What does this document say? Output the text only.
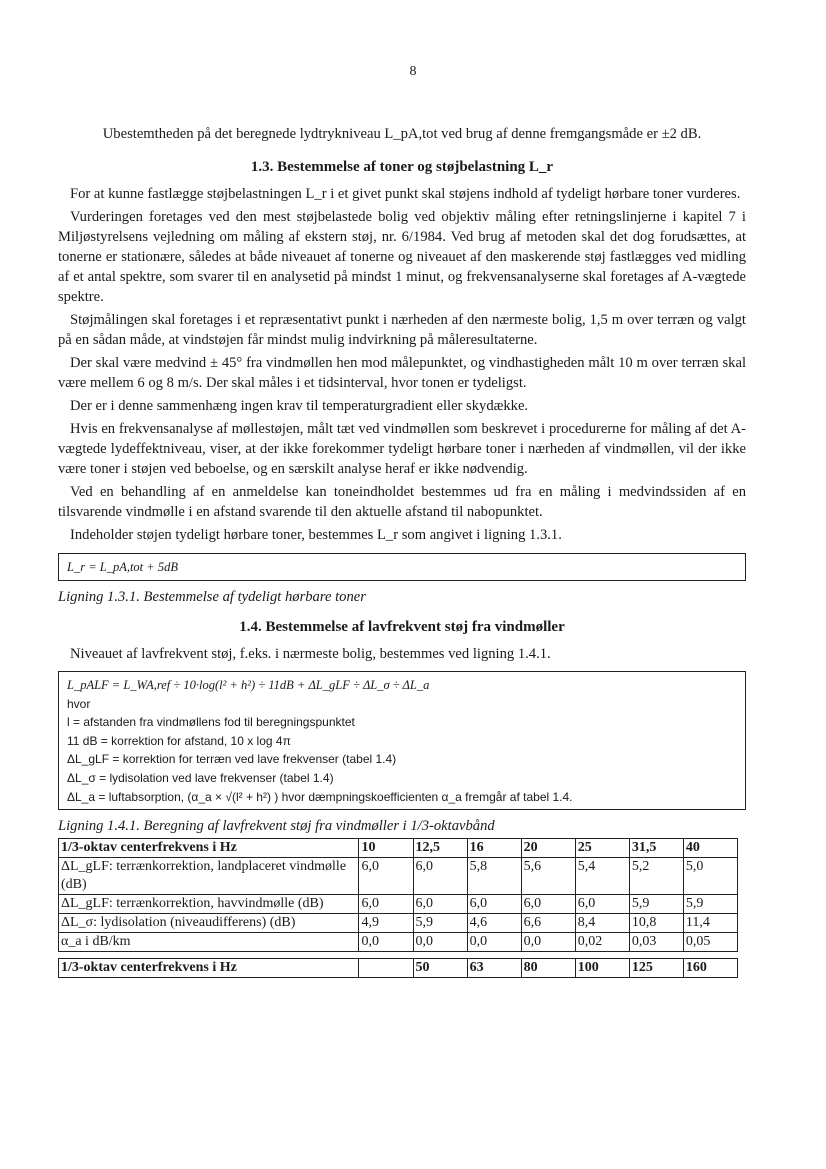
8

Ubestemtheden på det beregnede lydtrykniveau L_pA,tot ved brug af denne fremgangsmåde er ±2 dB.

1.3. Bestemmelse af toner og støjbelastning L_r

For at kunne fastlægge støjbelastningen L_r i et givet punkt skal støjens indhold af tydeligt hørbare toner vurderes.

Vurderingen foretages ved den mest støjbelastede bolig ved objektiv måling efter retningslinjerne i kapitel 7 i Miljøstyrelsens vejledning om måling af ekstern støj, nr. 6/1984. Ved brug af metoden skal det dog forudsættes, at tonerne er stationære, således at både niveauet af tonerne og niveauet af den maskerende støj fastlægges ved midling af et antal spektre, som svarer til en analysetid på mindst 1 minut, og frekvensanalyserne skal foretages af A-vægtede spektre.

Støjmålingen skal foretages i et repræsentativt punkt i nærheden af den nærmeste bolig, 1,5 m over terræn og valgt på en sådan måde, at vindstøjen får mindst mulig indvirkning på måleresultaterne.

Der skal være medvind ± 45° fra vindmøllen hen mod målepunktet, og vindhastigheden målt 10 m over terræn skal være mellem 6 og 8 m/s. Der skal måles i et tidsinterval, hvor tonen er tydeligst.

Der er i denne sammenhæng ingen krav til temperaturgradient eller skydække.

Hvis en frekvensanalyse af møllestøjen, målt tæt ved vindmøllen som beskrevet i procedurerne for måling af det A-vægtede lydeffektniveau, viser, at der ikke forekommer tydeligt hørbare toner i nærheden af vindmøllen, vil der ikke være toner i støjen ved beboelse, og en særskilt analyse heraf er ikke nødvendig.

Ved en behandling af en anmeldelse kan toneindholdet bestemmes ud fra en måling i medvindssiden af en tilsvarende vindmølle i en afstand svarende til den aktuelle afstand til nabopunktet.

Indeholder støjen tydeligt hørbare toner, bestemmes L_r som angivet i ligning 1.3.1.

L_r = L_pA,tot + 5dB

Ligning 1.3.1. Bestemmelse af tydeligt hørbare toner

1.4. Bestemmelse af lavfrekvent støj fra vindmøller

Niveauet af lavfrekvent støj, f.eks. i nærmeste bolig, bestemmes ved ligning 1.4.1.

L_pALF = L_WA,ref ÷ 10·log(l² + h²) ÷ 11dB + ΔL_gLF ÷ ΔL_σ ÷ ΔL_a
hvor
l = afstanden fra vindmøllens fod til beregningspunktet
11 dB = korrektion for afstand, 10 x log 4π
ΔL_gLF = korrektion for terræn ved lave frekvenser (tabel 1.4)
ΔL_σ = lydisolation ved lave frekvenser (tabel 1.4)
ΔL_a = luftabsorption, (α_a × √(l² + h²) ) hvor dæmpningskoefficienten α_a fremgår af tabel 1.4.

Ligning 1.4.1. Beregning af lavfrekvent støj fra vindmøller i 1/3-oktavbånd

1/3-oktav centerfrekvens i Hz	10	12,5	16	20	25	31,5	40
ΔL_gLF: terrænkorrektion, landplaceret vindmølle (dB)	6,0	6,0	5,8	5,6	5,4	5,2	5,0
ΔL_gLF: terrænkorrektion, havvindmølle (dB)	6,0	6,0	6,0	6,0	6,0	5,9	5,9
ΔL_σ: lydisolation (niveaudifferens) (dB)	4,9	5,9	4,6	6,6	8,4	10,8	11,4
α_a i dB/km	0,0	0,0	0,0	0,0	0,02	0,03	0,05
1/3-oktav centerfrekvens i Hz		50	63	80	100	125	160
